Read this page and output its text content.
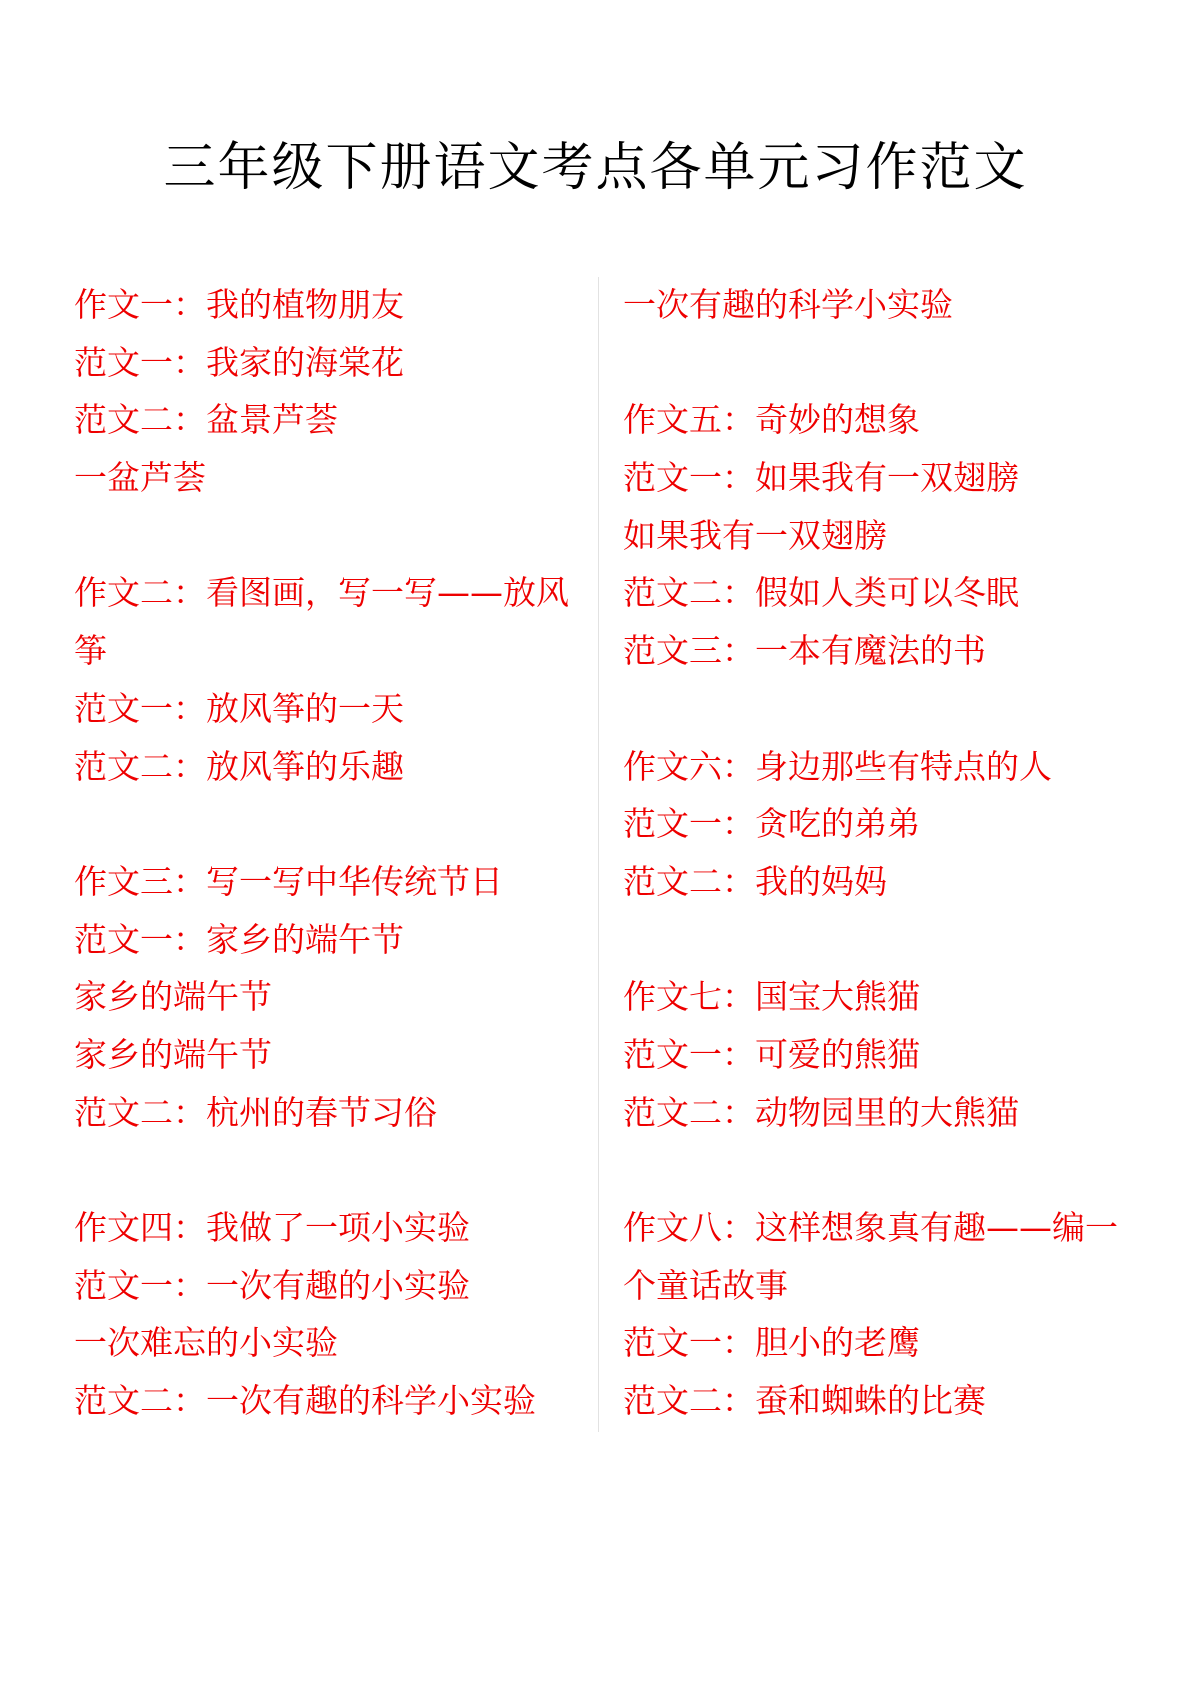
三年级下册语文考点各单元习作范文
作文一：我的植物朋友
范文一：我家的海棠花
范文二：盆景芦荟
一盆芦荟
作文二：看图画，写一写——放风
筝
范文一：放风筝的一天
范文二：放风筝的乐趣
作文三：写一写中华传统节日
范文一：家乡的端午节
家乡的端午节
家乡的端午节
范文二：杭州的春节习俗
作文四：我做了一项小实验
范文一：一次有趣的小实验
一次难忘的小实验
范文二：一次有趣的科学小实验
一次有趣的科学小实验
作文五：奇妙的想象
范文一：如果我有一双翅膀
如果我有一双翅膀
范文二：假如人类可以冬眠
范文三：一本有魔法的书
作文六：身边那些有特点的人
范文一：贪吃的弟弟
范文二：我的妈妈
作文七：国宝大熊猫
范文一：可爱的熊猫
范文二：动物园里的大熊猫
作文八：这样想象真有趣——编一
个童话故事
范文一：胆小的老鹰
范文二：蚕和蜘蛛的比赛
